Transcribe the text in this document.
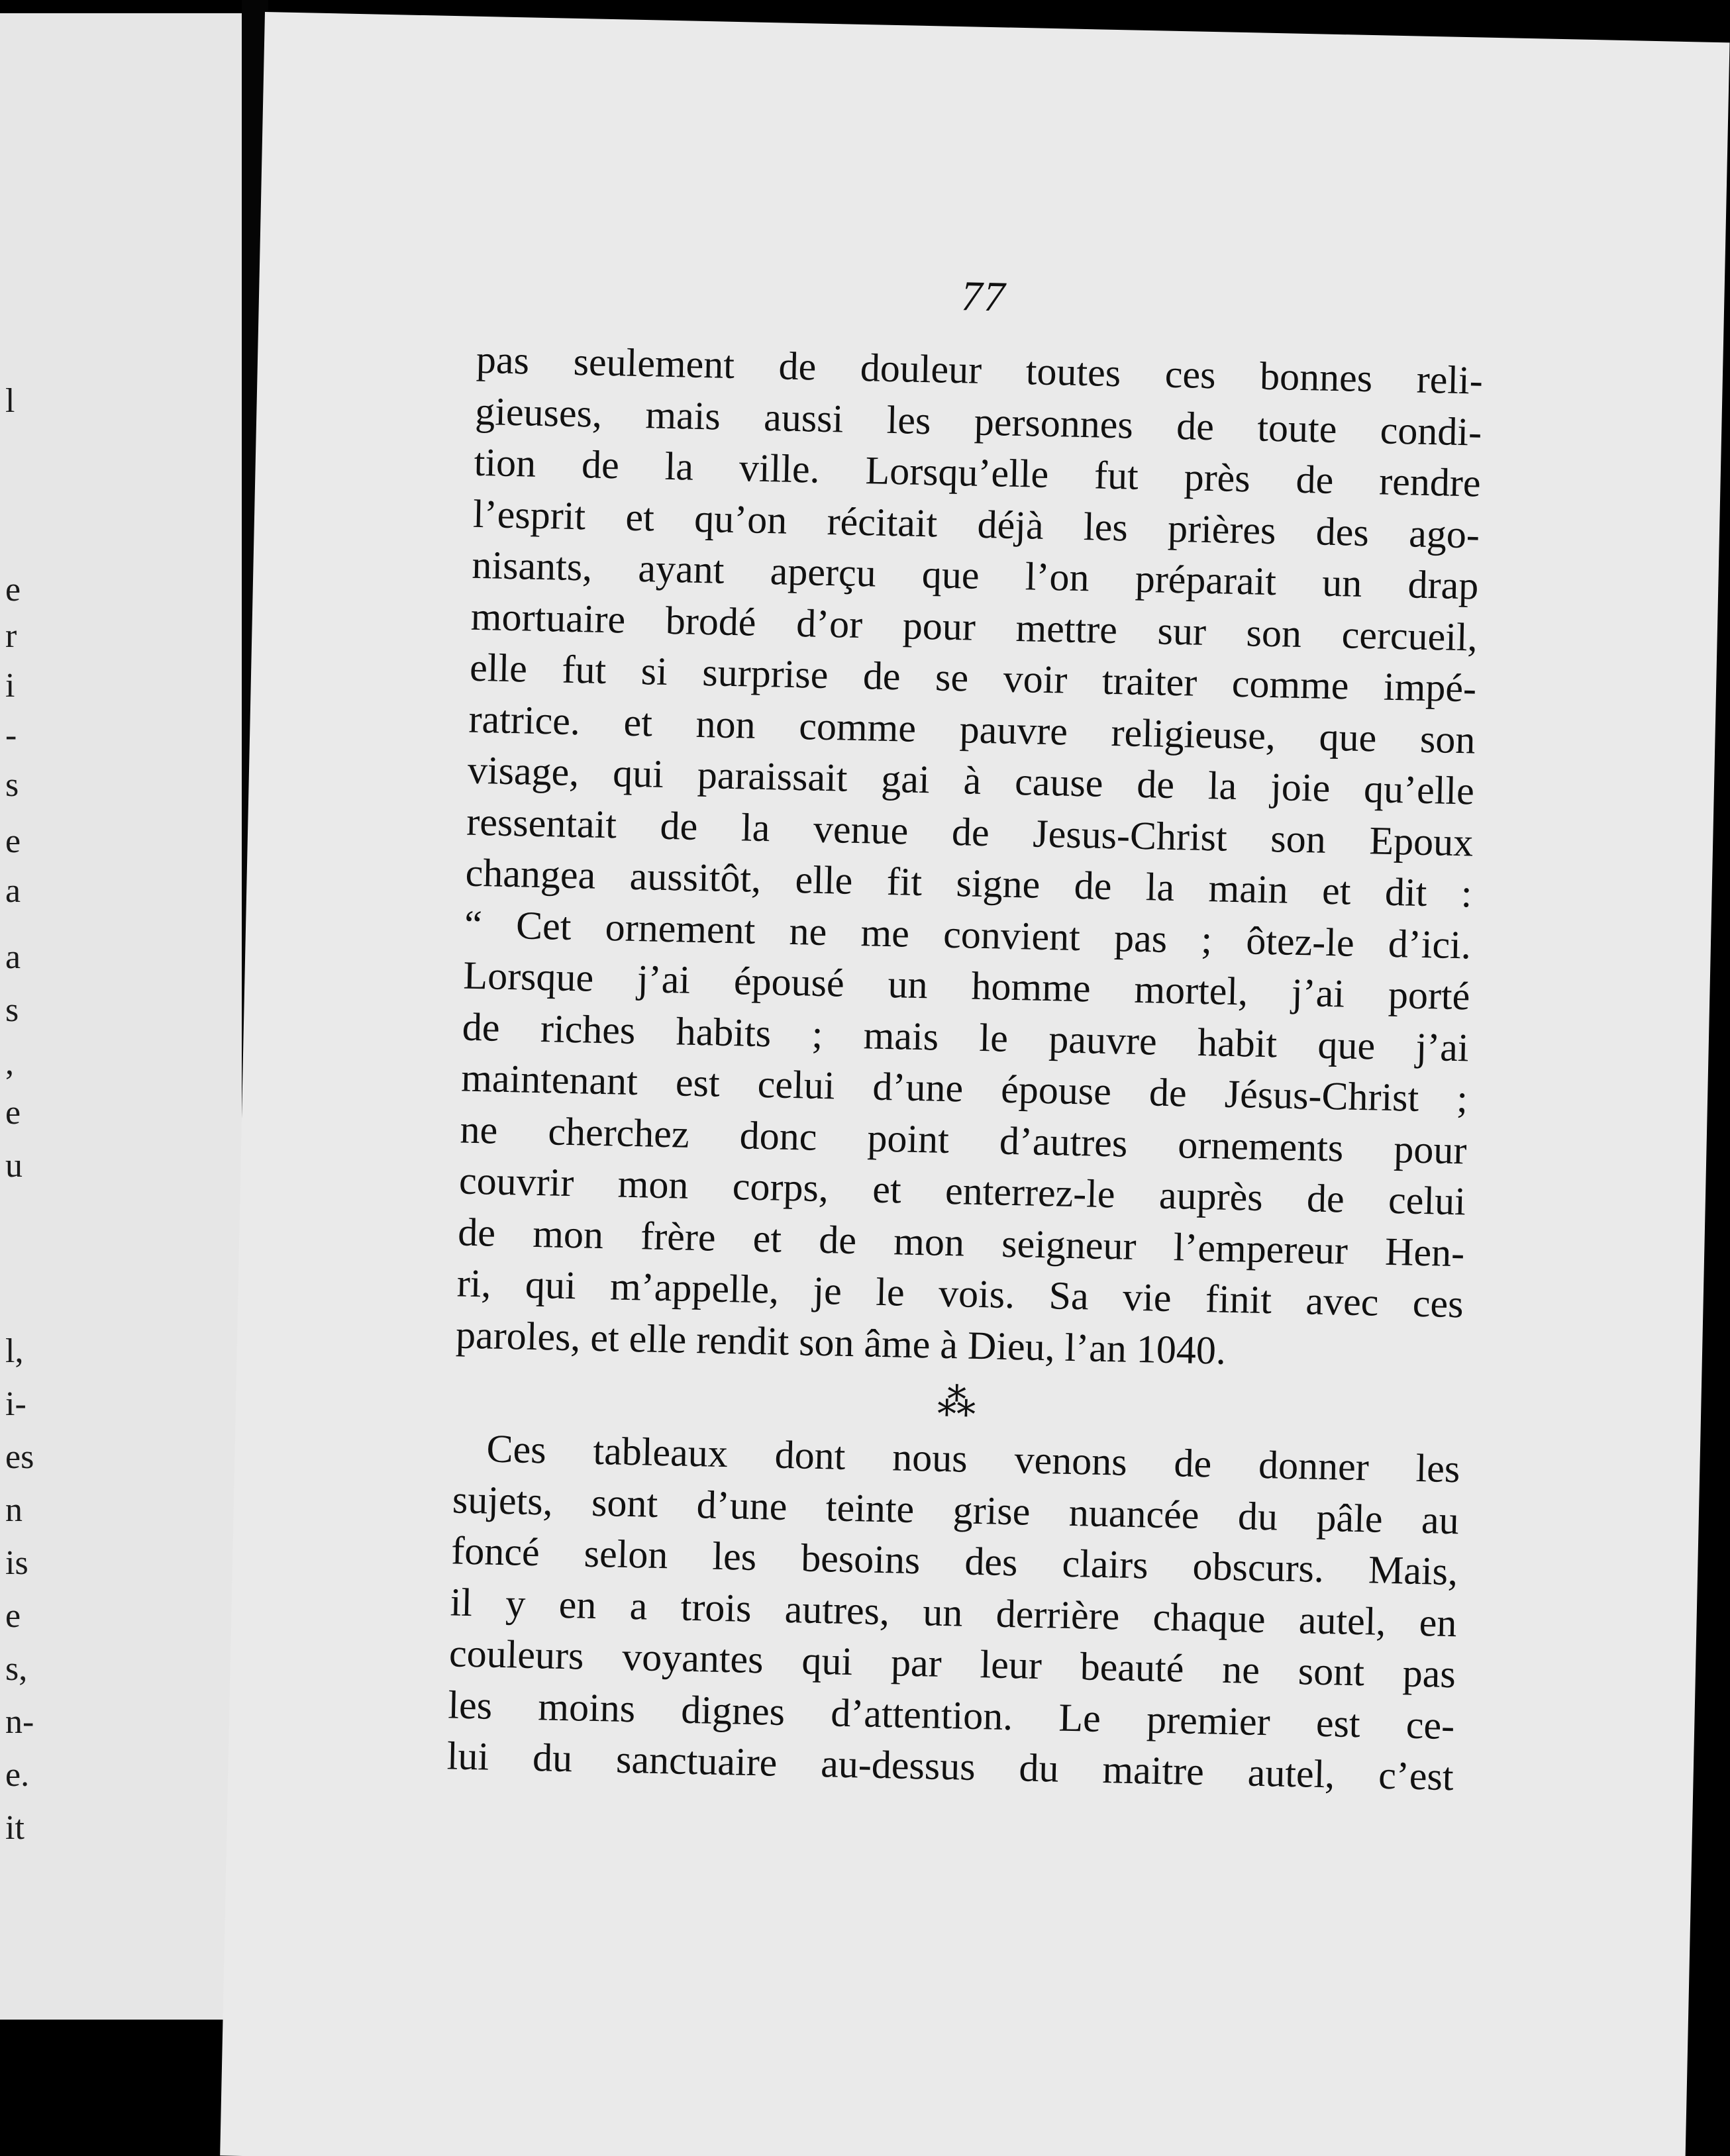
l
e
r
i
-
s
e
a
a
s
,
e
u
l,
i-
es
n
is
e
s,
n-
e.
it
77
pas seulement de douleur toutes ces bonnes reli-
gieuses, mais aussi les personnes de toute condi-
tion de la ville. Lorsqu’elle fut près de rendre
l’esprit et qu’on récitait déjà les prières des ago-
nisants, ayant aperçu que l’on préparait un drap
mortuaire brodé d’or pour mettre sur son cercueil,
elle fut si surprise de se voir traiter comme impé-
ratrice. et non comme pauvre religieuse, que son
visage, qui paraissait gai à cause de la joie qu’elle
ressentait de la venue de Jesus-Christ son Epoux
changea aussitôt, elle fit signe de la main et dit :
“ Cet ornement ne me convient pas ; ôtez-le d’ici.
Lorsque j’ai épousé un homme mortel, j’ai porté
de riches habits ; mais le pauvre habit que j’ai
maintenant est celui d’une épouse de Jésus-Christ ;
ne cherchez donc point d’autres ornements pour
couvrir mon corps, et enterrez-le auprès de celui
de mon frère et de mon seigneur l’empereur Hen-
ri, qui m’appelle, je le vois. Sa vie finit avec ces
paroles, et elle rendit son âme à Dieu, l’an 1040.
⁂
Ces tableaux dont nous venons de donner les
sujets, sont d’une teinte grise nuancée du pâle au
foncé selon les besoins des clairs obscurs. Mais,
il y en a trois autres, un derrière chaque autel, en
couleurs voyantes qui par leur beauté ne sont pas
les moins dignes d’attention. Le premier est ce-
lui du sanctuaire au-dessus du maitre autel, c’est
